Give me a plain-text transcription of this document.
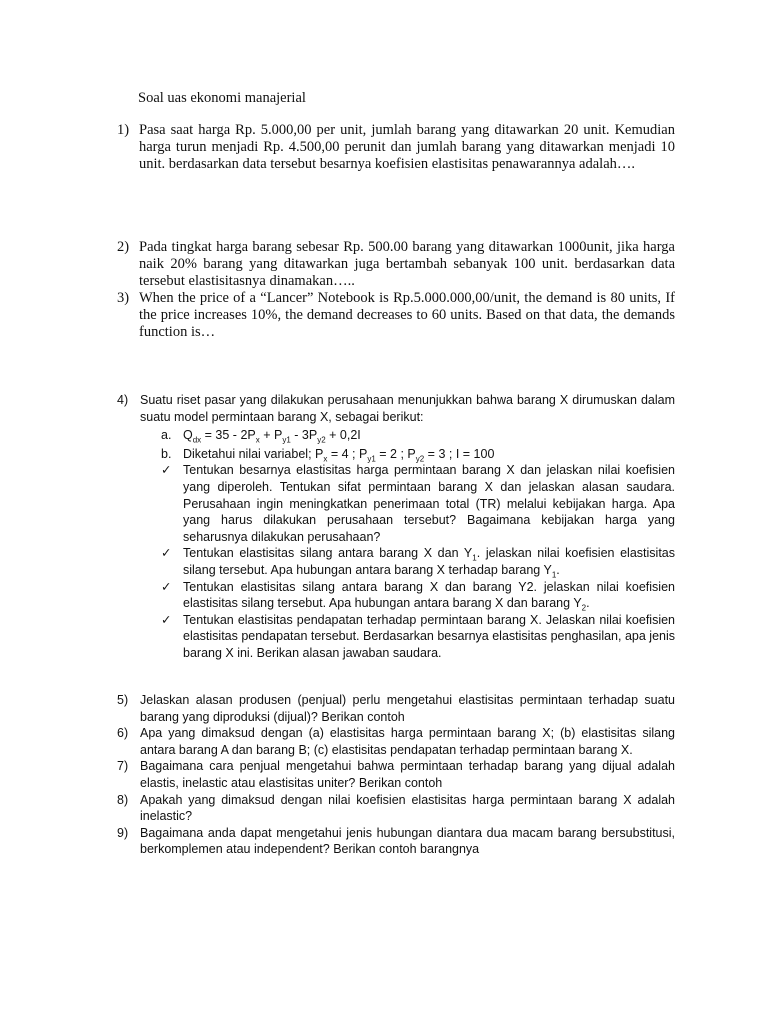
Soal uas ekonomi manajerial
1) Pasa saat harga Rp. 5.000,00 per unit, jumlah barang yang ditawarkan 20 unit. Kemudian harga turun menjadi Rp. 4.500,00 perunit dan jumlah barang yang ditawarkan menjadi 10 unit. berdasarkan data tersebut besarnya koefisien elastisitas penawarannya adalah….
2) Pada tingkat harga barang sebesar Rp. 500.00 barang yang ditawarkan 1000unit, jika harga naik 20% barang yang ditawarkan juga bertambah sebanyak 100 unit. berdasarkan data tersebut elastisitasnya dinamakan…..
3) When the price of a “Lancer” Notebook is Rp.5.000.000,00/unit, the demand is 80 units, If the price increases 10%, the demand decreases to 60 units. Based on that data, the demands function is…
4) Suatu riset pasar yang dilakukan perusahaan menunjukkan bahwa barang X dirumuskan dalam suatu model permintaan barang X, sebagai berikut:
a. $Q_{dx} = 35 - 2P_x + P_{y1} - 3P_{y2} + 0,2I$
b. Diketahui nilai variabel; $P_x = 4$ ; $P_{y1} = 2$ ; $P_{y2} = 3$ ; I = 100
✓ Tentukan besarnya elastisitas harga permintaan barang X dan jelaskan nilai koefisien yang diperoleh. Tentukan sifat permintaan barang X dan jelaskan alasan saudara. Perusahaan ingin meningkatkan penerimaan total (TR) melalui kebijakan harga. Apa yang harus dilakukan perusahaan tersebut? Bagaimana kebijakan harga yang seharusnya dilakukan perusahaan?
✓ Tentukan elastisitas silang antara barang X dan $Y_1$. jelaskan nilai koefisien elastisitas silang tersebut. Apa hubungan antara barang X terhadap barang $Y_1$.
✓ Tentukan elastisitas silang antara barang X dan barang Y2. jelaskan nilai koefisien elastisitas silang tersebut. Apa hubungan antara barang X dan barang $Y_2$.
✓ Tentukan elastisitas pendapatan terhadap permintaan barang X. Jelaskan nilai koefisien elastisitas pendapatan tersebut. Berdasarkan besarnya elastisitas penghasilan, apa jenis barang X ini. Berikan alasan jawaban saudara.
5) Jelaskan alasan produsen (penjual) perlu mengetahui elastisitas permintaan terhadap suatu barang yang diproduksi (dijual)? Berikan contoh
6) Apa yang dimaksud dengan (a) elastisitas harga permintaan barang X; (b) elastisitas silang antara barang A dan barang B; (c) elastisitas pendapatan terhadap permintaan barang X.
7) Bagaimana cara penjual mengetahui bahwa permintaan terhadap barang yang dijual adalah elastis, inelastic atau elastisitas uniter? Berikan contoh
8) Apakah yang dimaksud dengan nilai koefisien elastisitas harga permintaan barang X adalah inelastic?
9) Bagaimana anda dapat mengetahui jenis hubungan diantara dua macam barang bersubstitusi, berkomplemen atau independent? Berikan contoh barangnya
